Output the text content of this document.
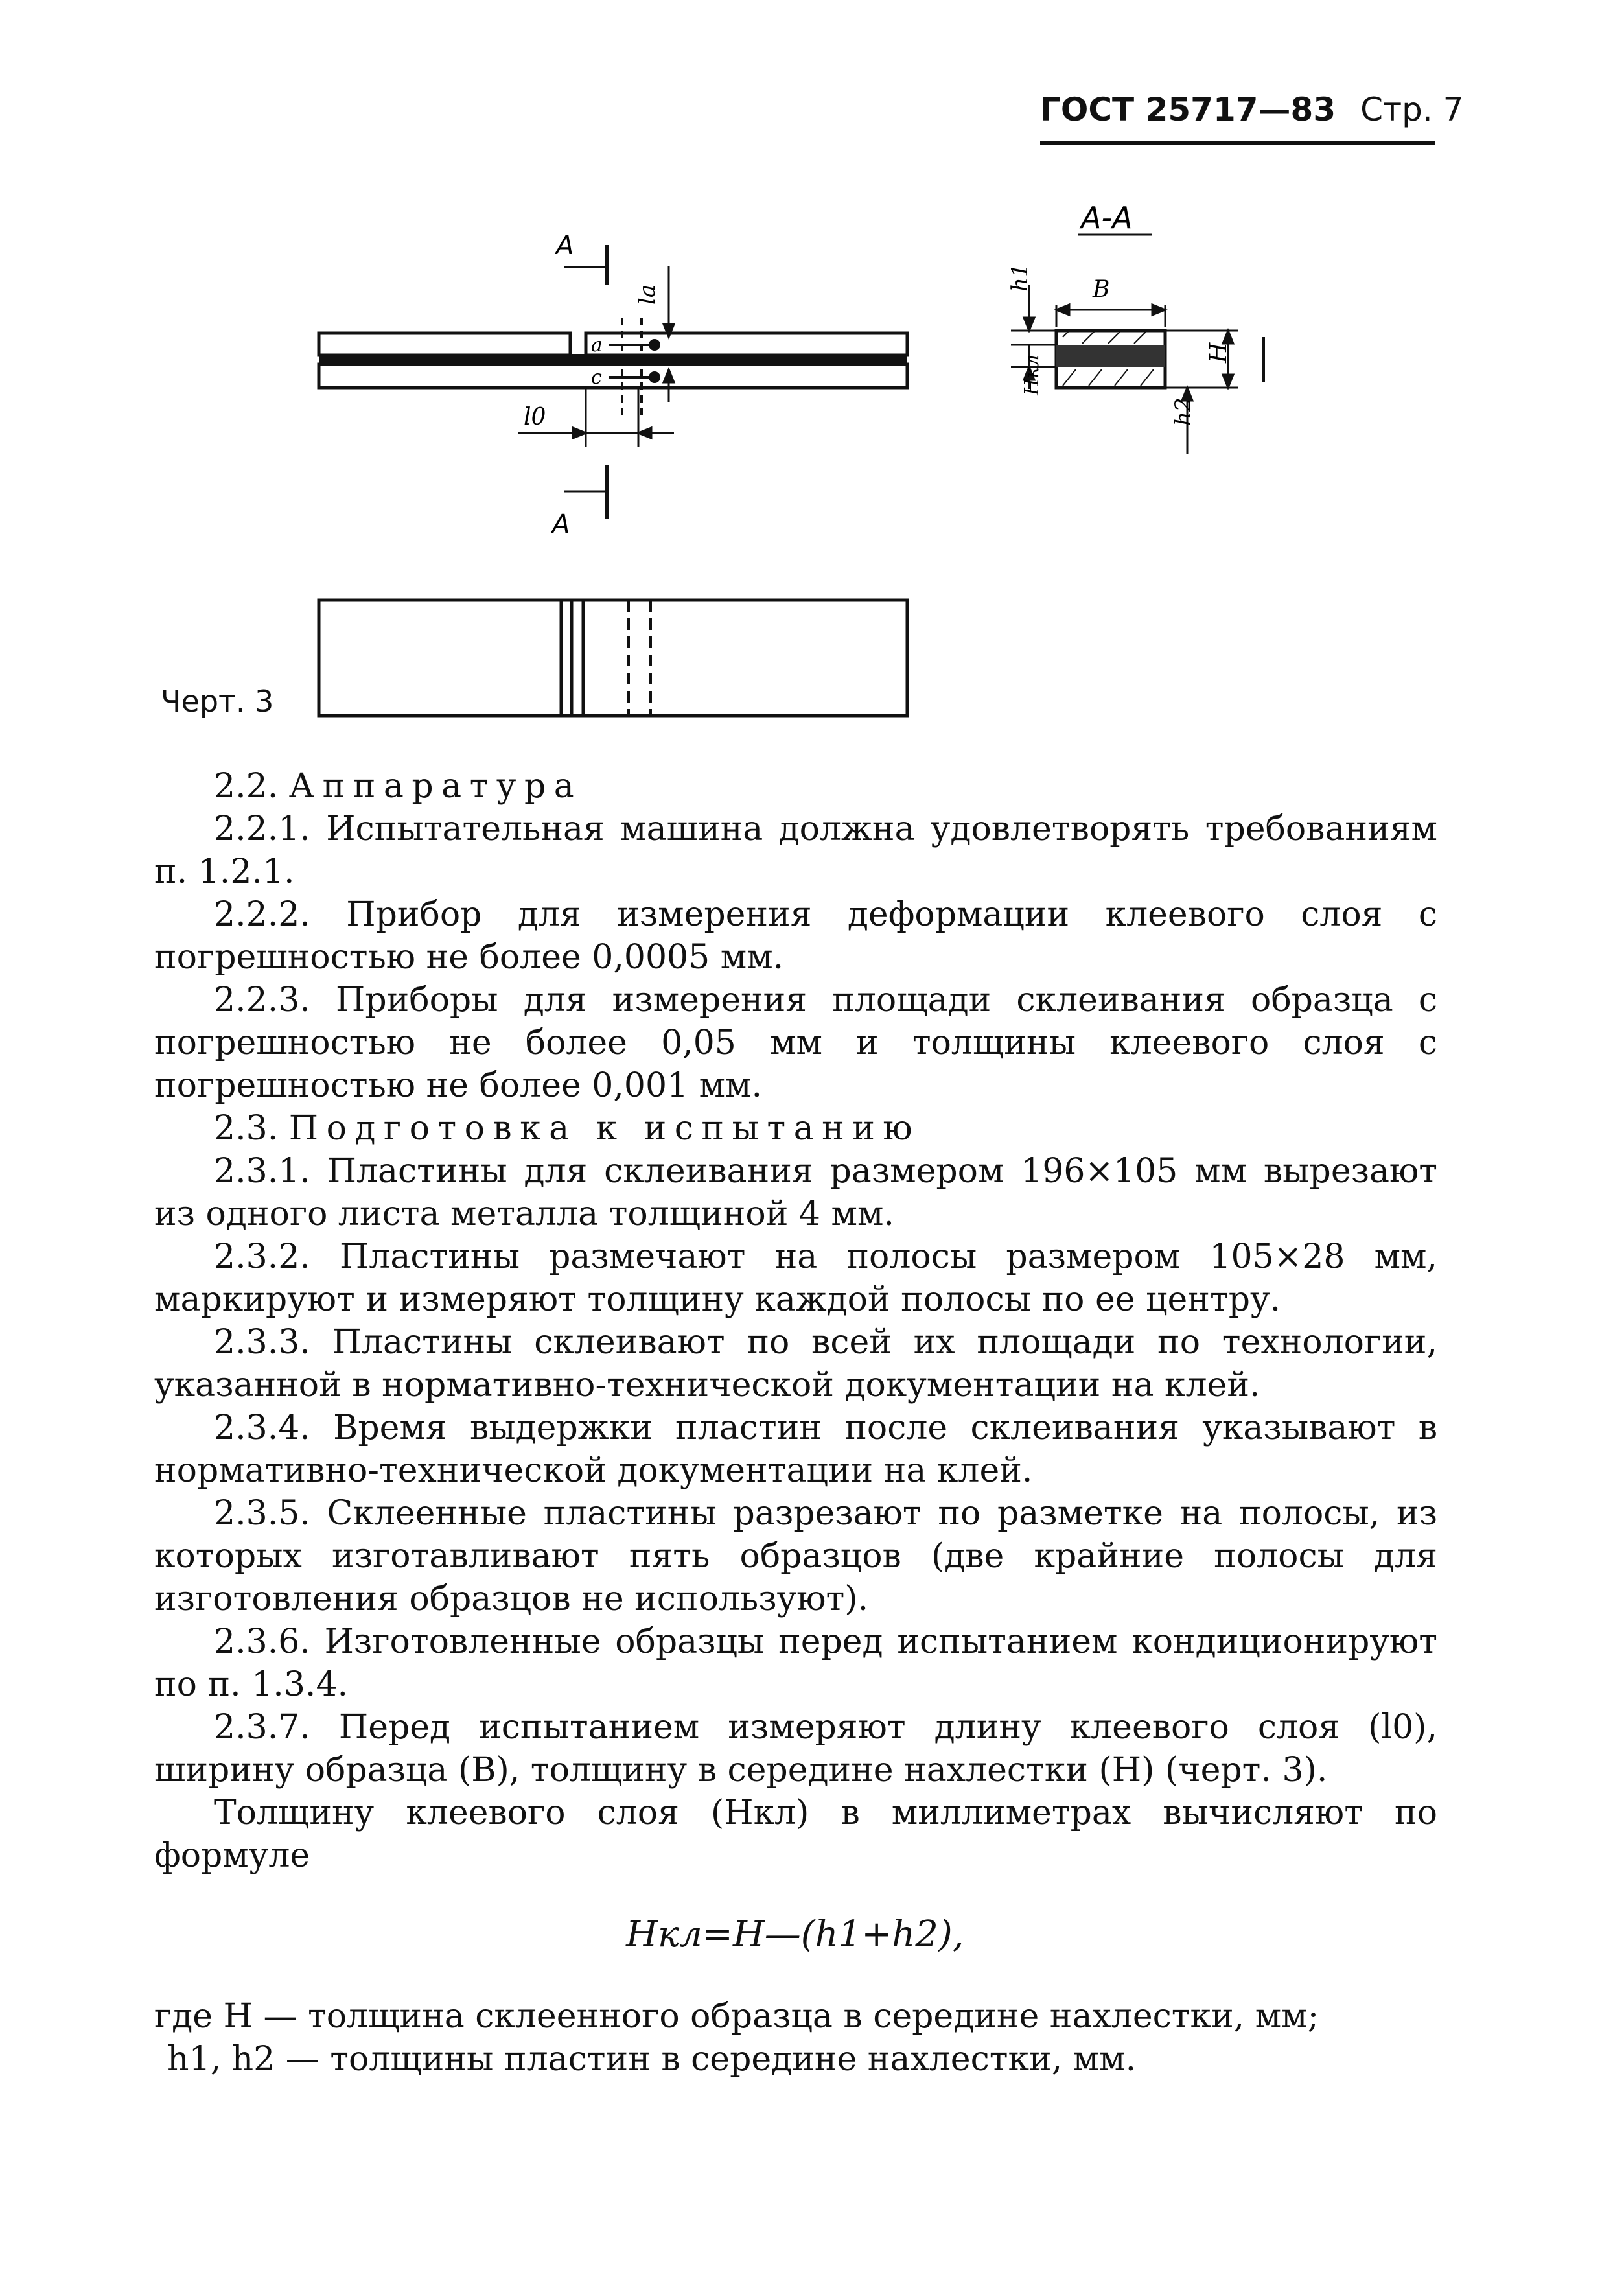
ГОСТ 25717—83 Стр. 7
a
c
la
l0
A
A
A-A
B
H
h1
Hкл
h2
Черт. 3

2.2. Аппаратура

2.2.1. Испытательная машина должна удовлетворять требованиям п. 1.2.1.

2.2.2. Прибор для измерения деформации клеевого слоя с погрешностью не более 0,0005 мм.

2.2.3. Приборы для измерения площади склеивания образца с погрешностью не более 0,05 мм и толщины клеевого слоя с погрешностью не более 0,001 мм.

2.3. Подготовка к испытанию

2.3.1. Пластины для склеивания размером 196×105 мм вырезают из одного листа металла толщиной 4 мм.

2.3.2. Пластины размечают на полосы размером 105×28 мм, маркируют и измеряют толщину каждой полосы по ее центру.

2.3.3. Пластины склеивают по всей их площади по технологии, указанной в нормативно-технической документации на клей.

2.3.4. Время выдержки пластин после склеивания указывают в нормативно-технической документации на клей.

2.3.5. Склеенные пластины разрезают по разметке на полосы, из которых изготавливают пять образцов (две крайние полосы для изготовления образцов не используют).

2.3.6. Изготовленные образцы перед испытанием кондиционируют по п. 1.3.4.

2.3.7. Перед испытанием измеряют длину клеевого слоя (l0), ширину образца (B), толщину в середине нахлестки (H) (черт. 3).

Толщину клеевого слоя (Hкл) в миллиметрах вычисляют по формуле

Hкл=H—(h1+h2),

где H — толщина склеенного образца в середине нахлестки, мм;

h1, h2 — толщины пластин в середине нахлестки, мм.
